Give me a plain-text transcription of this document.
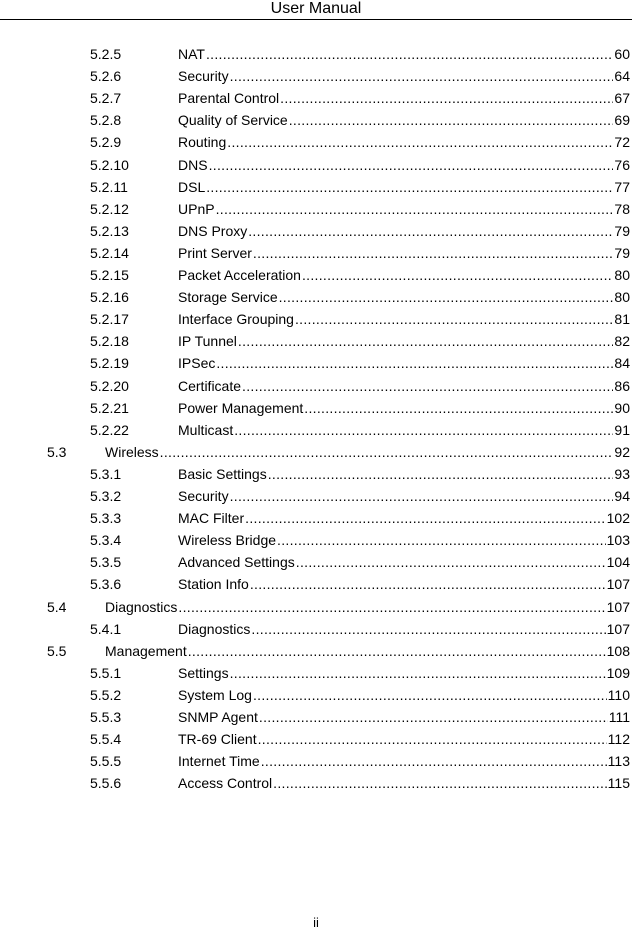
User Manual
5.2.5	NAT .....	60
5.2.6	Security .....	64
5.2.7	Parental Control .....	67
5.2.8	Quality of Service .....	69
5.2.9	Routing .....	72
5.2.10	DNS .....	76
5.2.11	DSL .....	77
5.2.12	UPnP .....	78
5.2.13	DNS Proxy .....	79
5.2.14	Print Server .....	79
5.2.15	Packet Acceleration .....	80
5.2.16	Storage Service .....	80
5.2.17	Interface Grouping .....	81
5.2.18	IP Tunnel .....	82
5.2.19	IPSec .....	84
5.2.20	Certificate .....	86
5.2.21	Power Management .....	90
5.2.22	Multicast .....	91
5.3	Wireless .....	92
5.3.1	Basic Settings .....	93
5.3.2	Security .....	94
5.3.3	MAC Filter .....	102
5.3.4	Wireless Bridge .....	103
5.3.5	Advanced Settings .....	104
5.3.6	Station Info .....	107
5.4	Diagnostics .....	107
5.4.1	Diagnostics .....	107
5.5	Management .....	108
5.5.1	Settings .....	109
5.5.2	System Log .....	110
5.5.3	SNMP Agent .....	111
5.5.4	TR-69 Client .....	112
5.5.5	Internet Time .....	113
5.5.6	Access Control .....	115
ii
